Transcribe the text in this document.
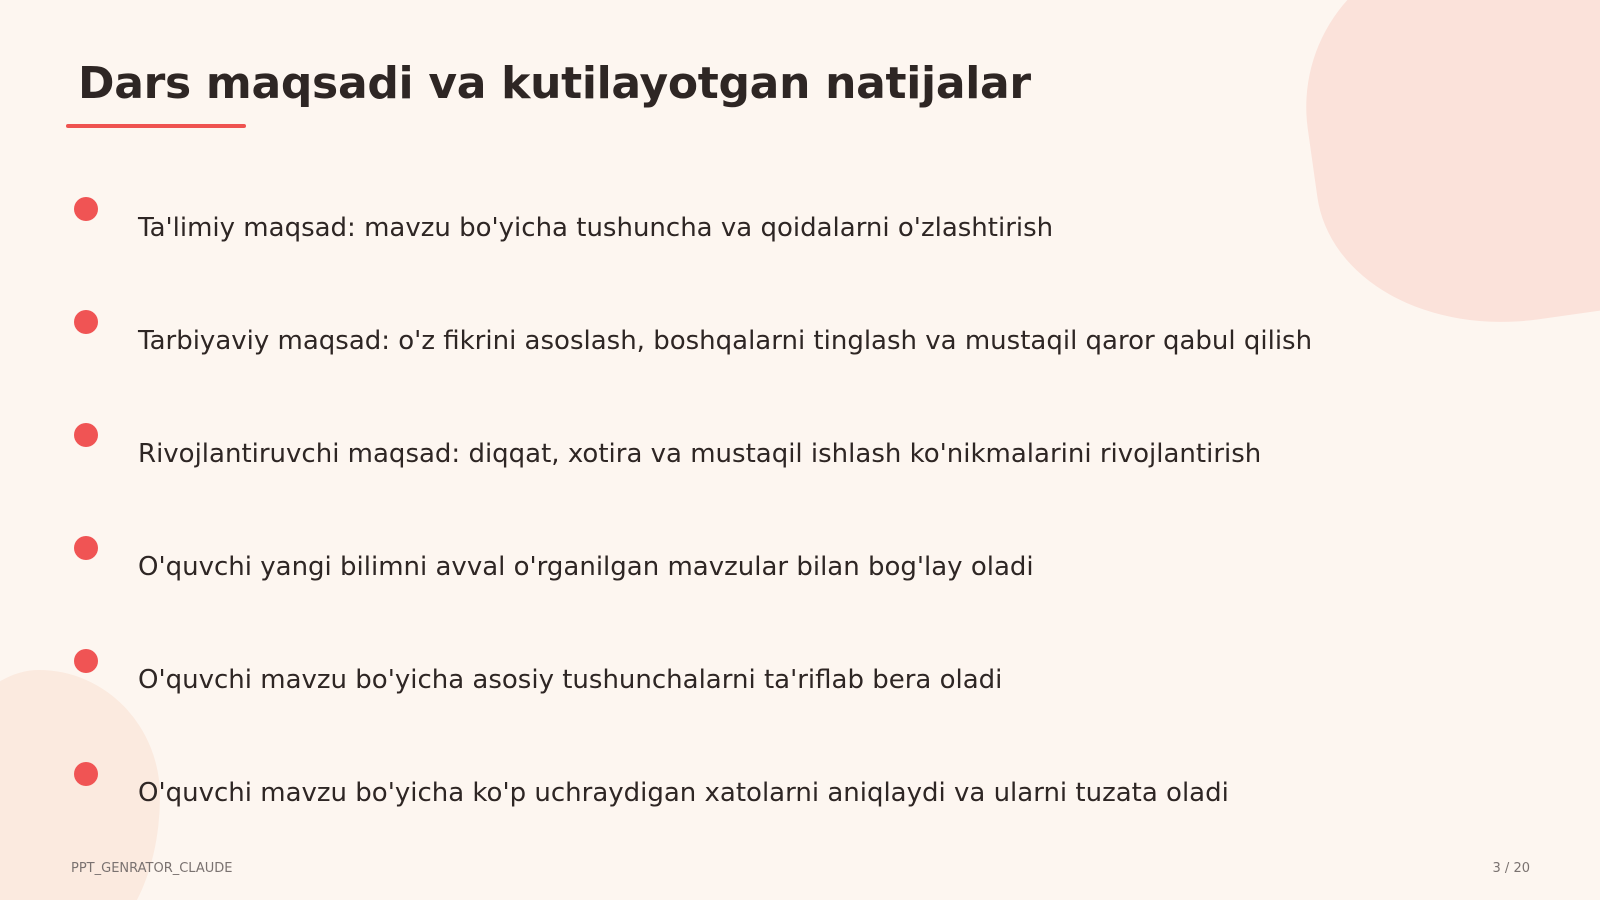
Dars maqsadi va kutilayotgan natijalar
Ta'limiy maqsad: mavzu bo'yicha tushuncha va qoidalarni o'zlashtirish
Tarbiyaviy maqsad: o'z fikrini asoslash, boshqalarni tinglash va mustaqil qaror qabul qilish
Rivojlantiruvchi maqsad: diqqat, xotira va mustaqil ishlash ko'nikmalarini rivojlantirish
O'quvchi yangi bilimni avval o'rganilgan mavzular bilan bog'lay oladi
O'quvchi mavzu bo'yicha asosiy tushunchalarni ta'riflab bera oladi
O'quvchi mavzu bo'yicha ko'p uchraydigan xatolarni aniqlaydi va ularni tuzata oladi
PPT_GENRATOR_CLAUDE	3 / 20
